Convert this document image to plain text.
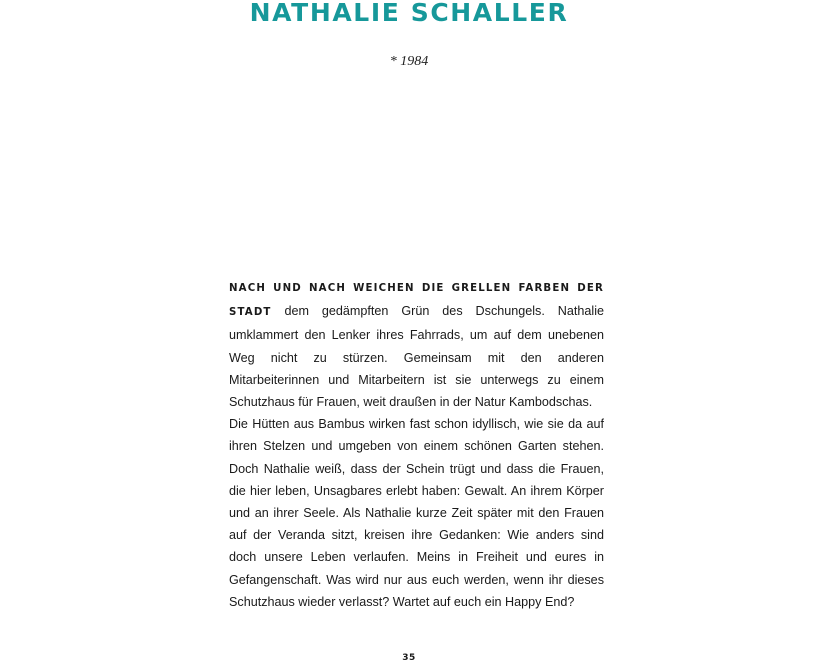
NATHALIE SCHALLER
* 1984

NACH UND NACH WEICHEN DIE GRELLEN FARBEN DER STADT dem gedämpften Grün des Dschungels. Nathalie umklammert den Lenker ihres Fahrrads, um auf dem unebenen Weg nicht zu stürzen. Gemeinsam mit den anderen Mitarbeiterinnen und Mitarbeitern ist sie unterwegs zu einem Schutzhaus für Frauen, weit draußen in der Natur Kambodschas.

Die Hütten aus Bambus wirken fast schon idyllisch, wie sie da auf ihren Stelzen und umgeben von einem schönen Garten stehen. Doch Nathalie weiß, dass der Schein trügt und dass die Frauen, die hier leben, Unsagbares erlebt haben: Gewalt. An ihrem Körper und an ihrer Seele. Als Nathalie kurze Zeit später mit den Frauen auf der Veranda sitzt, kreisen ihre Gedanken: Wie anders sind doch unsere Leben verlaufen. Meins in Freiheit und eures in Gefangenschaft. Was wird nur aus euch werden, wenn ihr dieses Schutzhaus wieder verlasst? Wartet auf euch ein Happy End?

35
